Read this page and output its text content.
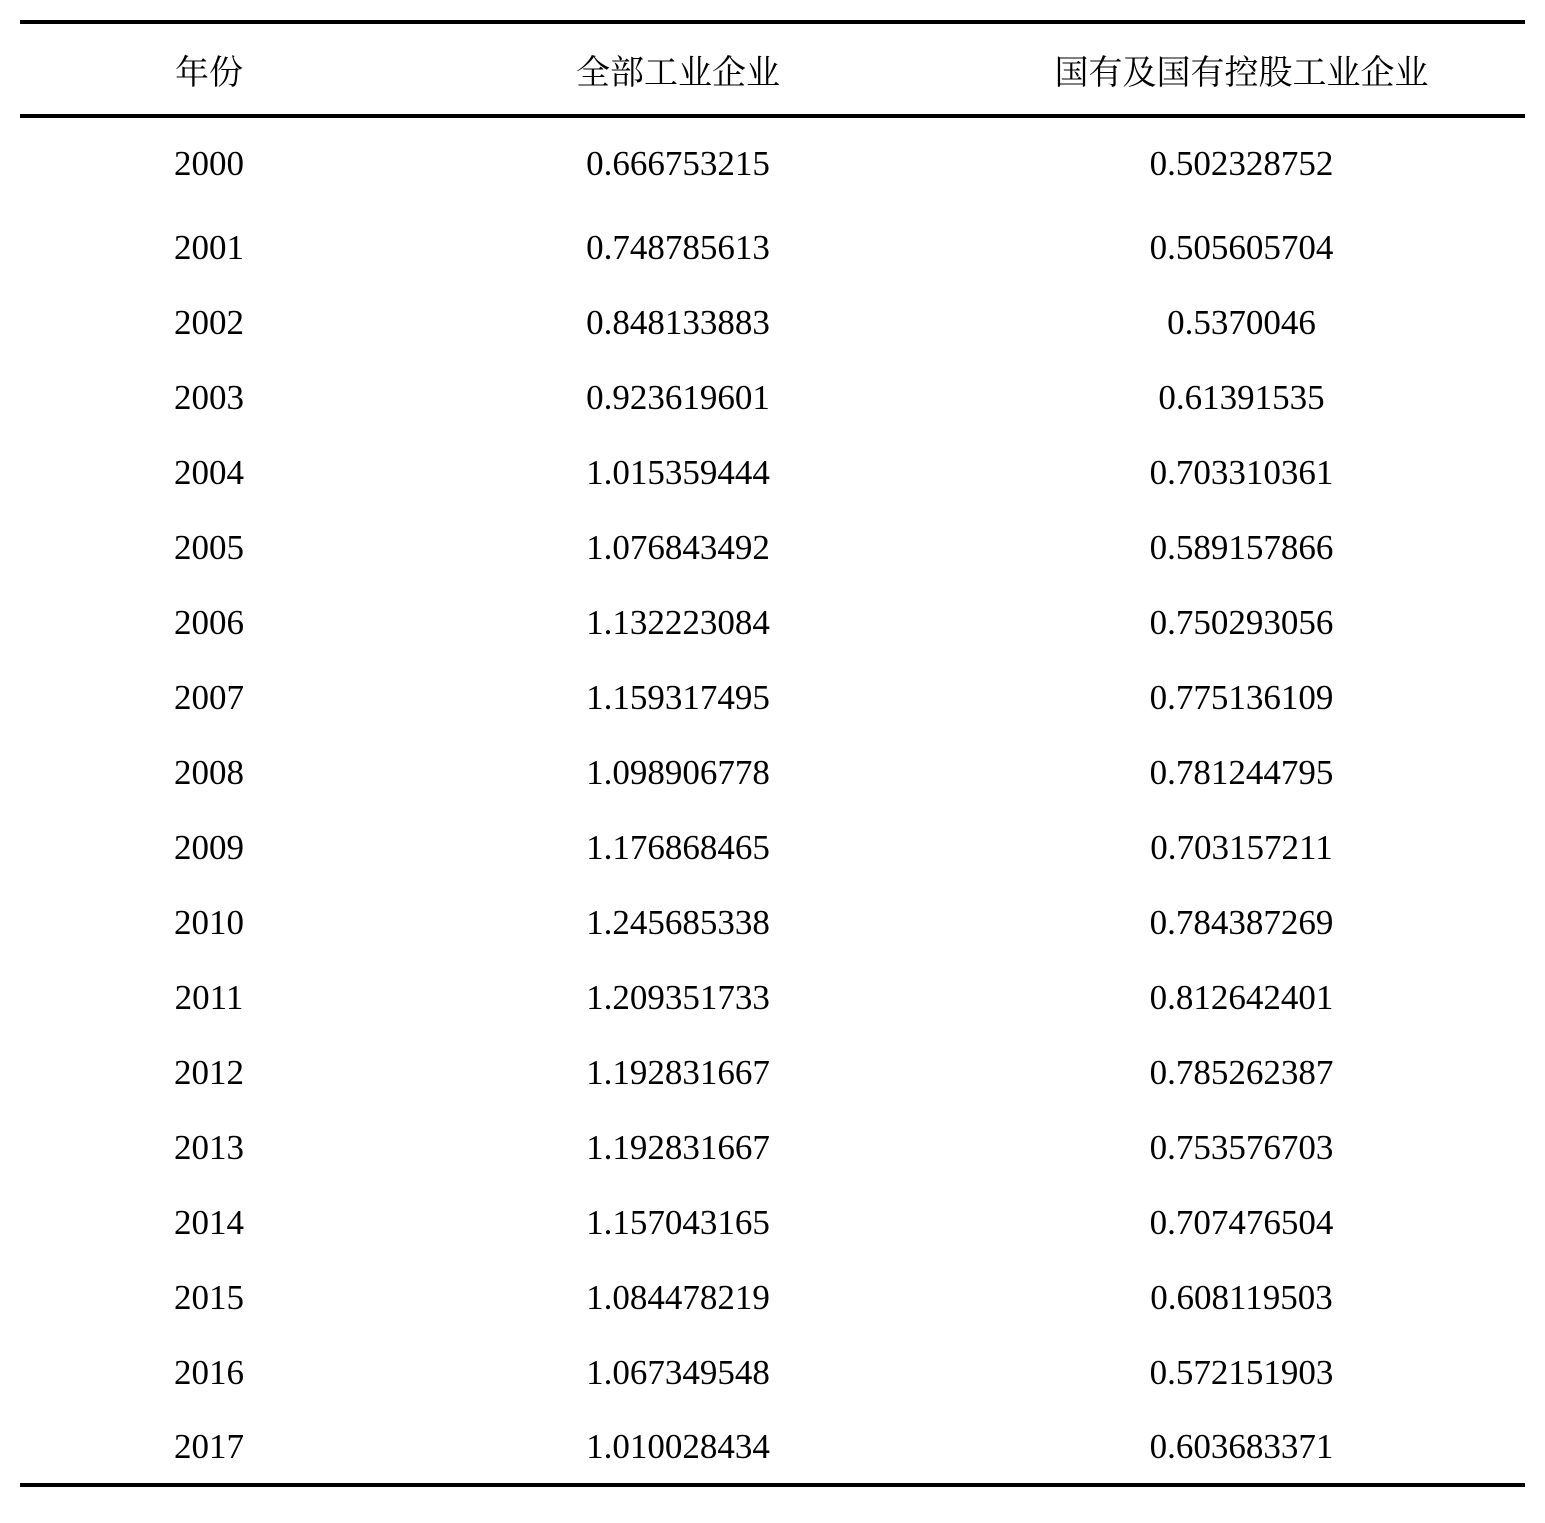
年份	全部工业企业	国有及国有控股工业企业
2000	0.666753215	0.502328752
2001	0.748785613	0.505605704
2002	0.848133883	0.5370046
2003	0.923619601	0.61391535
2004	1.015359444	0.703310361
2005	1.076843492	0.589157866
2006	1.132223084	0.750293056
2007	1.159317495	0.775136109
2008	1.098906778	0.781244795
2009	1.176868465	0.703157211
2010	1.245685338	0.784387269
2011	1.209351733	0.812642401
2012	1.192831667	0.785262387
2013	1.192831667	0.753576703
2014	1.157043165	0.707476504
2015	1.084478219	0.608119503
2016	1.067349548	0.572151903
2017	1.010028434	0.603683371
